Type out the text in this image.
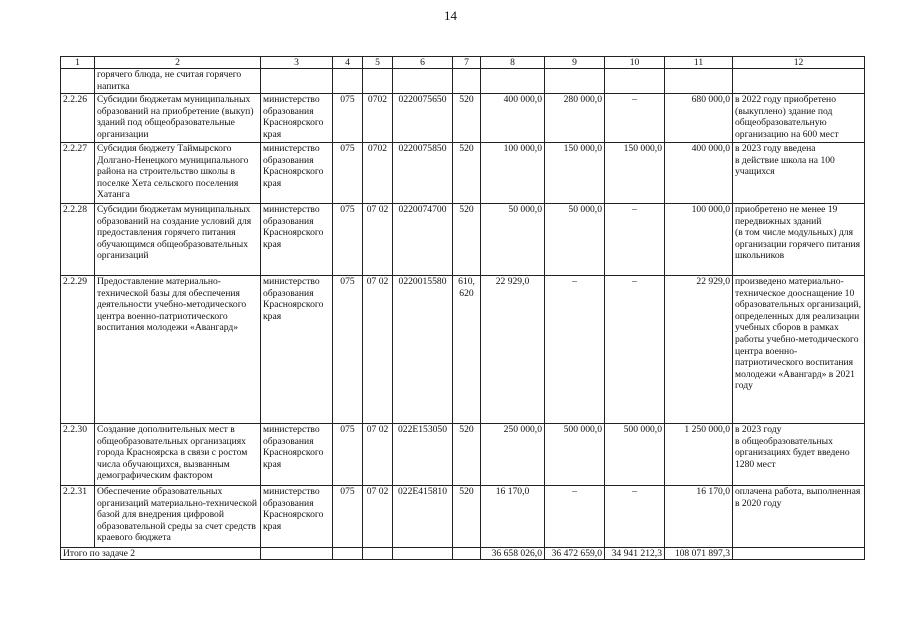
14
1	2	3	4	5	6	7	8	9	10	11	12
	горячего блюда, не считая горячего напитка										
2.2.26	Субсидии бюджетам муниципальных образований на приобретение (выкуп) зданий под общеобразовательные организации	министерство образования Красноярского края	075	0702	0220075650	520	400 000,0	280 000,0	–	680 000,0	в 2022 году приобретено (выкуплено) здание под общеобразовательную организацию на 600 мест
2.2.27	Субсидия бюджету Таймырского Долгано-Ненецкого муниципального района на строительство школы в поселке Хета сельского поселения Хатанга	министерство образования Красноярского края	075	0702	0220075850	520	100 000,0	150 000,0	150 000,0	400 000,0	в 2023 году введена
в действие школа на 100 учащихся
2.2.28	Субсидии бюджетам муниципальных образований на создание условий для предоставления горячего питания обучающимся общеобразовательных организаций	министерство образования Красноярского края	075	07 02	0220074700	520	50 000,0	50 000,0	–	100 000,0	приобретено не менее 19 передвижных зданий
(в том числе модульных) для организации горячего питания школьников
2.2.29	Предоставление материально-технической базы для обеспечения деятельности учебно-методического центра военно-патриотического воспитания молодежи «Авангард»	министерство образования Красноярского края	075	07 02	0220015580	610, 620	22 929,0	–	–	22 929,0	произведено материально-техническое дооснащение 10 образовательных организаций, определенных для реализации учебных сборов в рамках работы учебно-методического центра военно-патриотического воспитания молодежи «Авангард» в 2021 году
2.2.30	Создание дополнительных мест в общеобразовательных организациях города Красноярска в связи с ростом числа обучающихся, вызванным демографическим фактором	министерство образования Красноярского края	075	07 02	022E153050	520	250 000,0	500 000,0	500 000,0	1 250 000,0	в 2023 году
в общеобразовательных организациях будет введено 1280 мест
2.2.31	Обеспечение образовательных организаций материально-технической базой для внедрения цифровой образовательной среды за счет средств краевого бюджета	министерство образования Красноярского края	075	07 02	022E415810	520	16 170,0	–	–	16 170,0	оплачена работа, выполненная в 2020 году
Итого по задаче 2							36 658 026,0	36 472 659,0	34 941 212,3	108 071 897,3	
